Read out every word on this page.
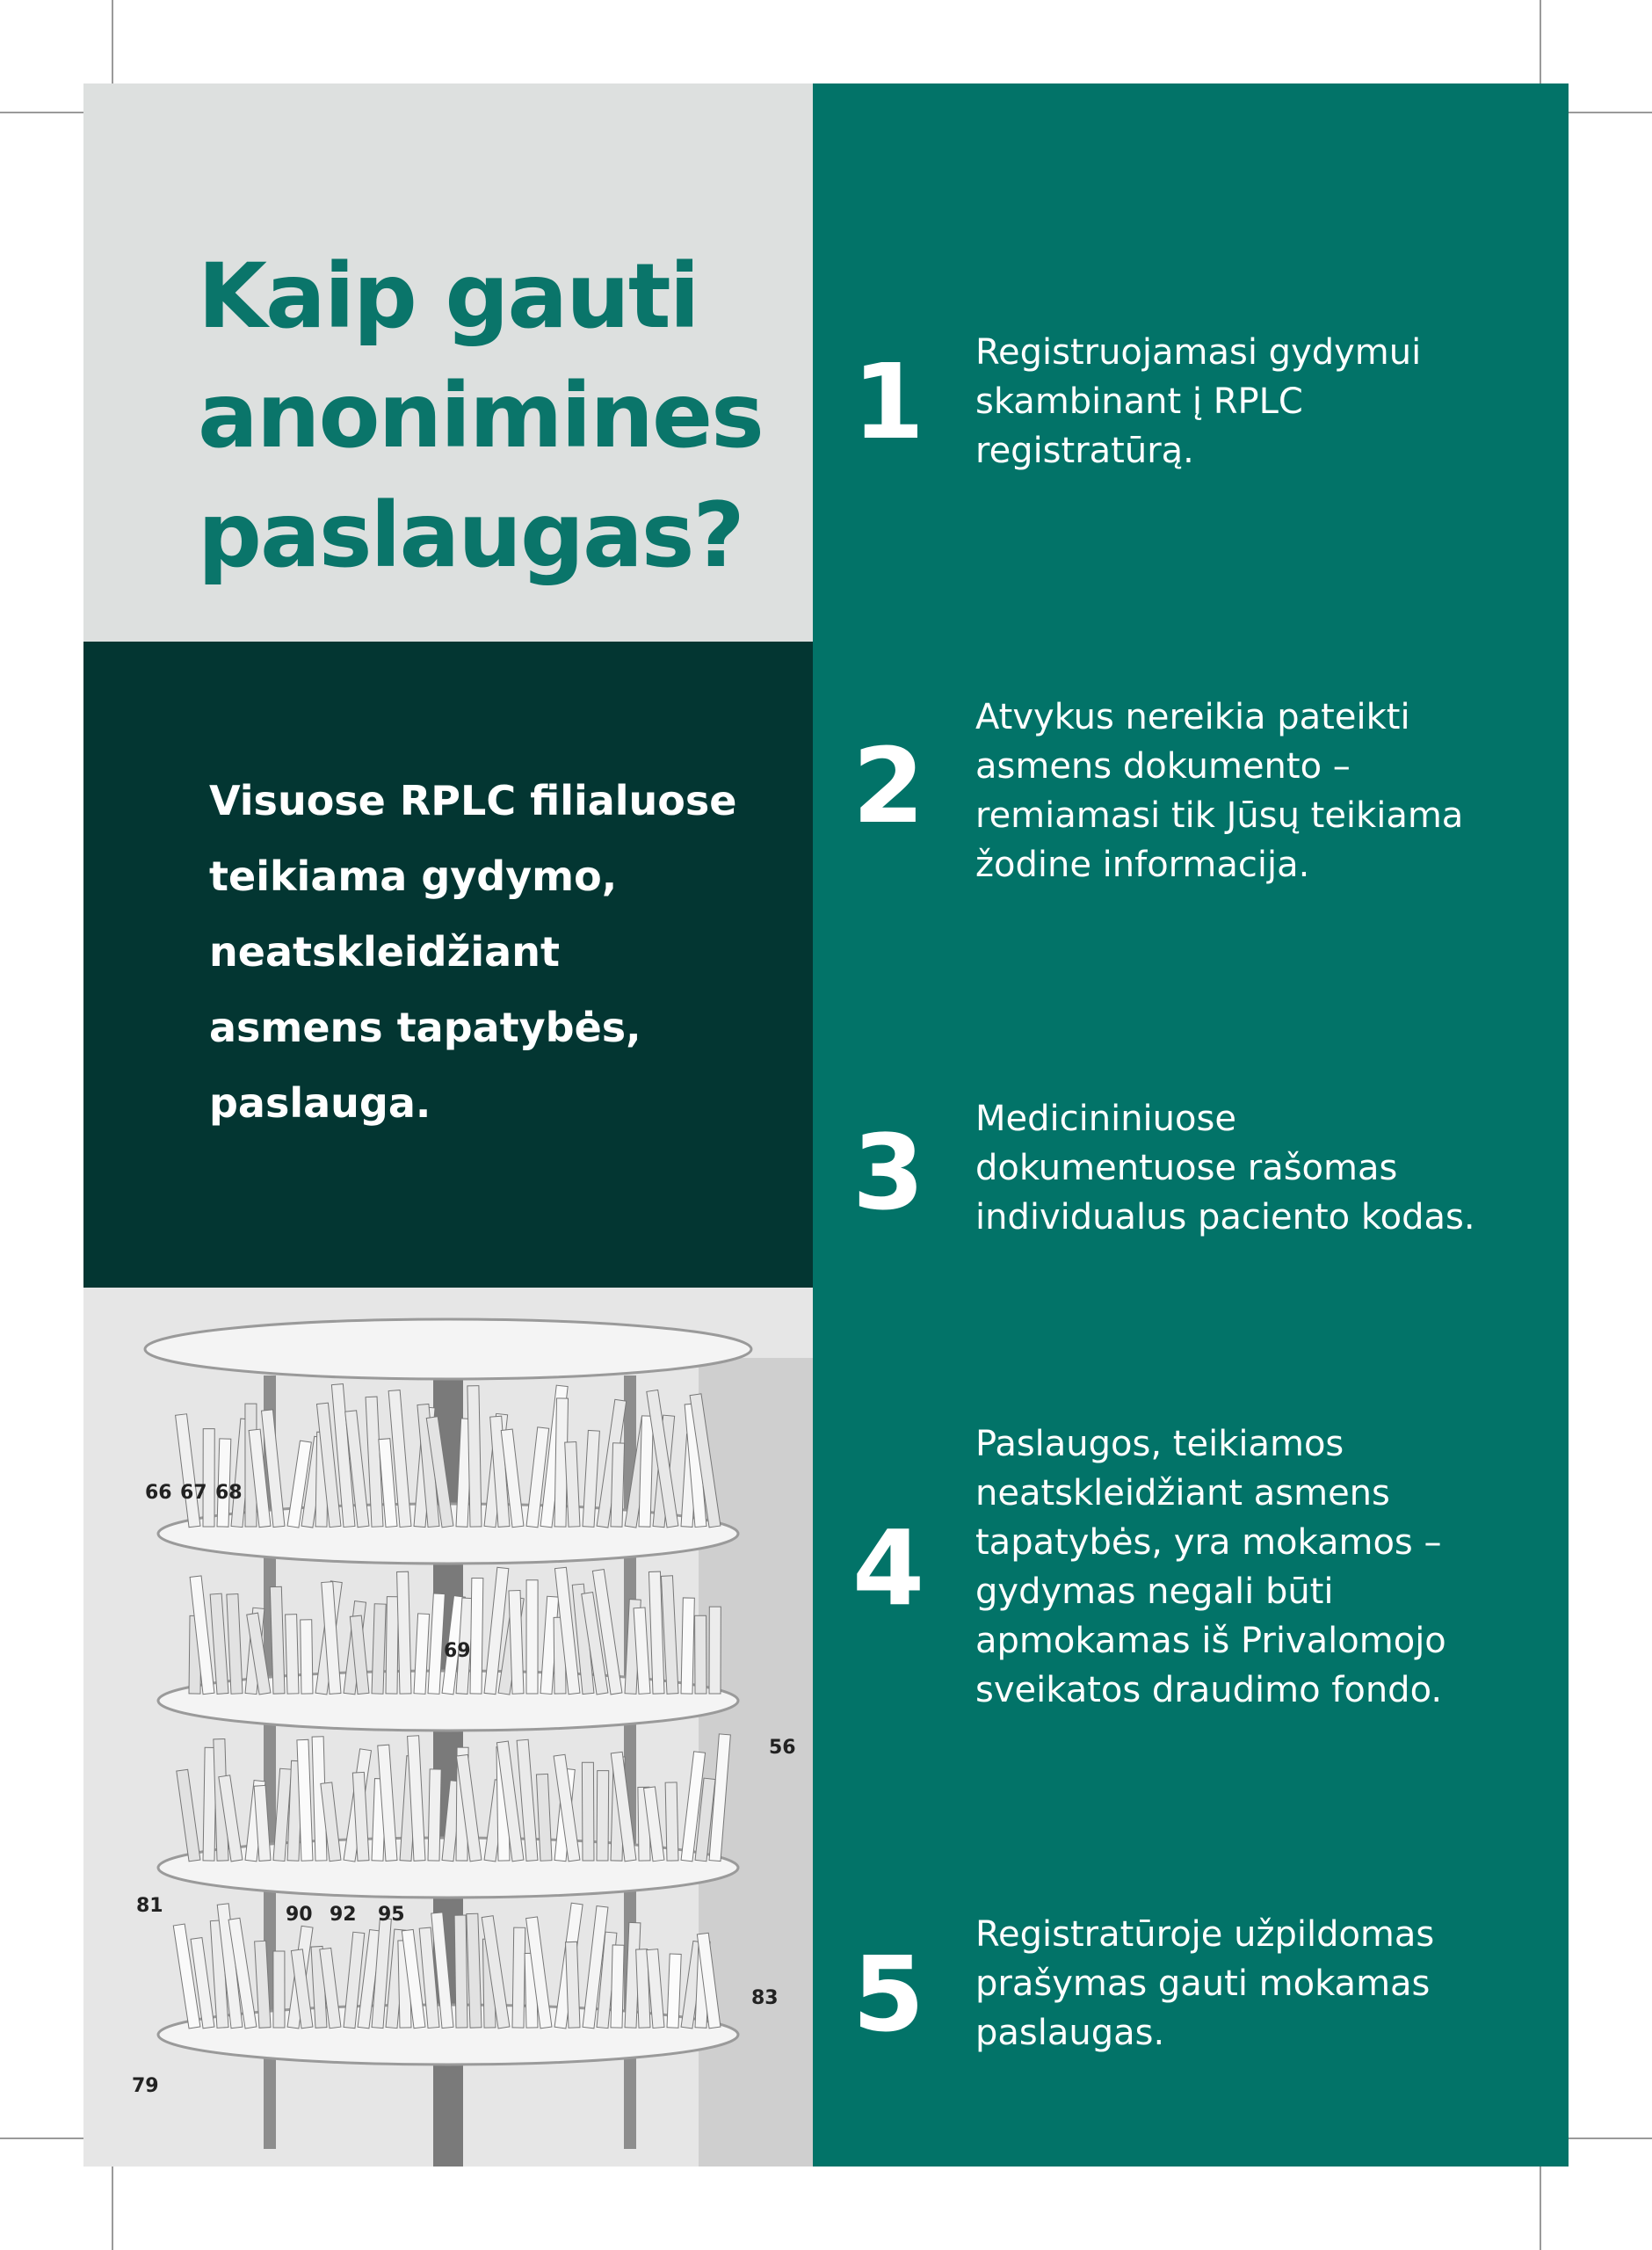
Kaip gauti
anonimines
paslaugas?

Visuose RPLC filialuose
teikiama gydymo,
neatskleidžiant
asmens tapatybės,
paslauga.

66 67 68
69
56
81	90 92 95
79
83
1 Registruojamasi gydymui
skambinant į RPLC
registratūrą.

2

Atvykus nereikia pateikti
asmens dokumento –
remiamasi tik Jūsų teikiama
žodine informacija.

3 Medicininiuose
dokumentuose rašomas
individualus paciento kodas.

4

Paslaugos, teikiamos
neatskleidžiant asmens
tapatybės, yra mokamos –
gydymas negali būti
apmokamas iš Privalomojo
sveikatos draudimo fondo.

5 Registratūroje užpildomas
prašymas gauti mokamas
paslaugas.
